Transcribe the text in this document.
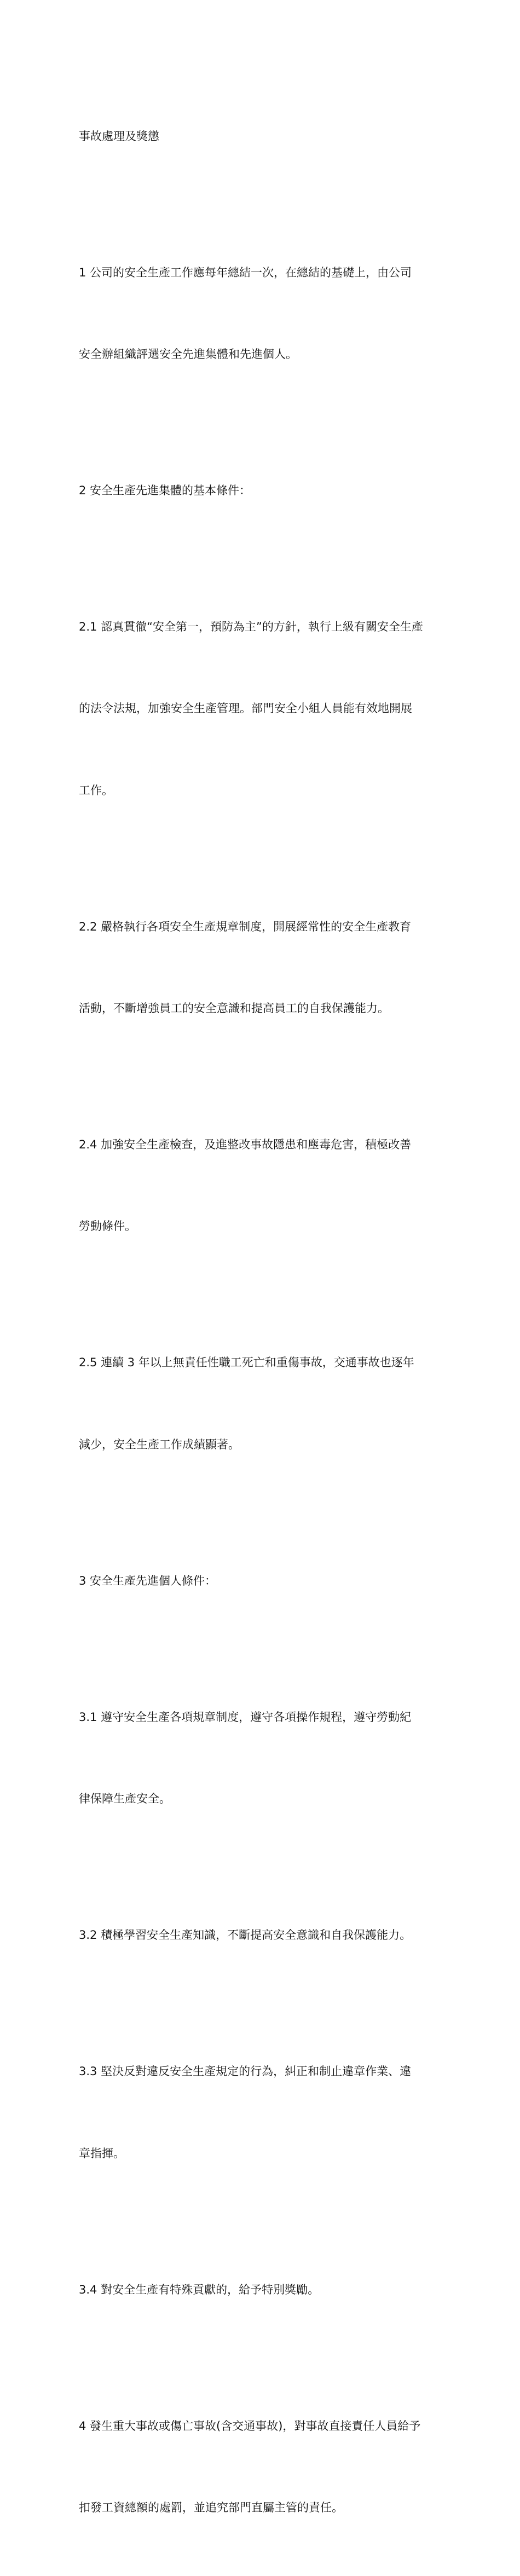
事故處理及獎懲

1 公司的安全生產工作應每年總結一次，在總結的基礎上，由公司

安全辦組織評選安全先進集體和先進個人。

2 安全生產先進集體的基本條件：

2.1 認真貫徹“安全第一，預防為主”的方針，執行上級有關安全生產

的法令法規，加強安全生產管理。部門安全小組人員能有效地開展

工作。

2.2 嚴格執行各項安全生產規章制度，開展經常性的安全生產教育

活動，不斷增強員工的安全意識和提高員工的自我保護能力。

2.4 加強安全生產檢查，及進整改事故隱患和塵毒危害，積極改善

勞動條件。

2.5 連續 3 年以上無責任性職工死亡和重傷事故，交通事故也逐年

減少，安全生產工作成績顯著。

3 安全生產先進個人條件：

3.1 遵守安全生產各項規章制度，遵守各項操作規程，遵守勞動紀

律保障生產安全。

3.2 積極學習安全生產知識，不斷提高安全意識和自我保護能力。

3.3 堅決反對違反安全生產規定的行為，糾正和制止違章作業、違

章指揮。

3.4 對安全生產有特殊貢獻的，給予特別獎勵。

4 發生重大事故或傷亡事故(含交通事故)，對事故直接責任人員給予

扣發工資總額的處罰，並追究部門直屬主管的責任。
